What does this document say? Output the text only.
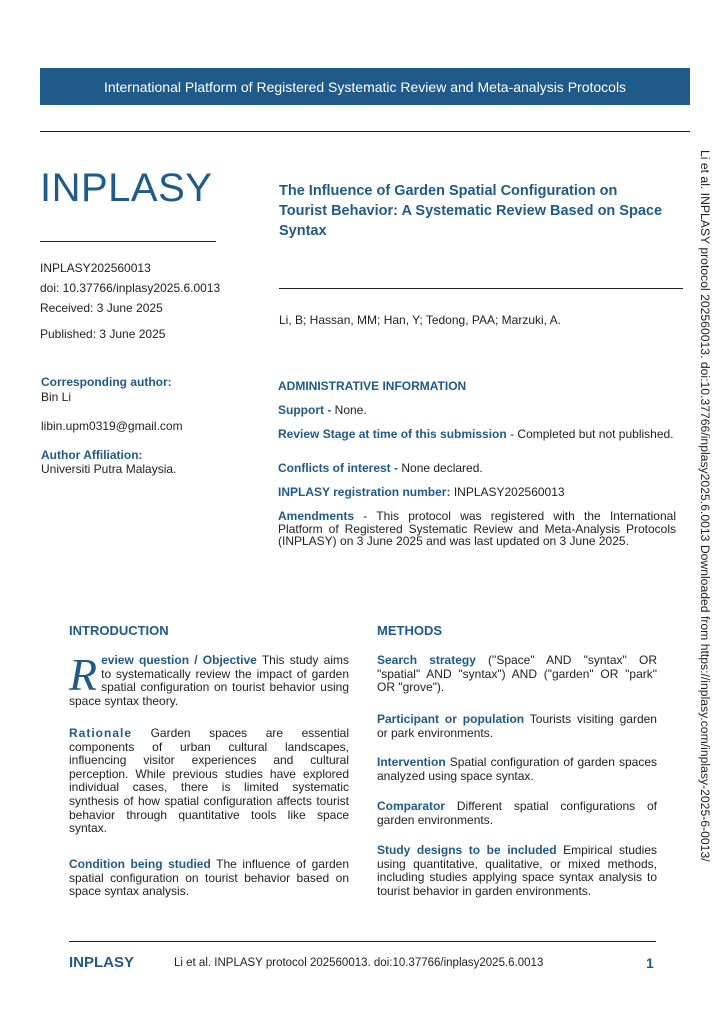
International Platform of Registered Systematic Review and Meta-analysis Protocols
INPLASY
INPLASY202560013
doi: 10.37766/inplasy2025.6.0013
Received: 3 June 2025
Published: 3 June 2025
The Influence of Garden Spatial Configuration on Tourist Behavior: A Systematic Review Based on Space Syntax
Li, B; Hassan, MM; Han, Y; Tedong, PAA; Marzuki, A.
Corresponding author:
Bin Li
libin.upm0319@gmail.com
Author Affiliation:
Universiti Putra Malaysia.
ADMINISTRATIVE INFORMATION
Support - None.
Review Stage at time of this submission - Completed but not published.
Conflicts of interest - None declared.
INPLASY registration number: INPLASY202560013
Amendments - This protocol was registered with the International Platform of Registered Systematic Review and Meta-Analysis Protocols (INPLASY) on 3 June 2025 and was last updated on 3 June 2025.
INTRODUCTION
Review question / Objective This study aims to systematically review the impact of garden spatial configuration on tourist behavior using space syntax theory.
Rationale Garden spaces are essential components of urban cultural landscapes, influencing visitor experiences and cultural perception. While previous studies have explored individual cases, there is limited systematic synthesis of how spatial configuration affects tourist behavior through quantitative tools like space syntax.
Condition being studied The influence of garden spatial configuration on tourist behavior based on space syntax analysis.
METHODS
Search strategy ("Space" AND "syntax" OR "spatial" AND "syntax") AND ("garden" OR "park" OR "grove").
Participant or population Tourists visiting garden or park environments.
Intervention Spatial configuration of garden spaces analyzed using space syntax.
Comparator Different spatial configurations of garden environments.
Study designs to be included Empirical studies using quantitative, qualitative, or mixed methods, including studies applying space syntax analysis to tourist behavior in garden environments.
Li et al. INPLASY protocol 202560013. doi:10.37766/inplasy2025.6.0013 Downloaded from https://inplasy.com/inplasy-2025-6-0013/
INPLASY	Li et al. INPLASY protocol 202560013. doi:10.37766/inplasy2025.6.0013	1
